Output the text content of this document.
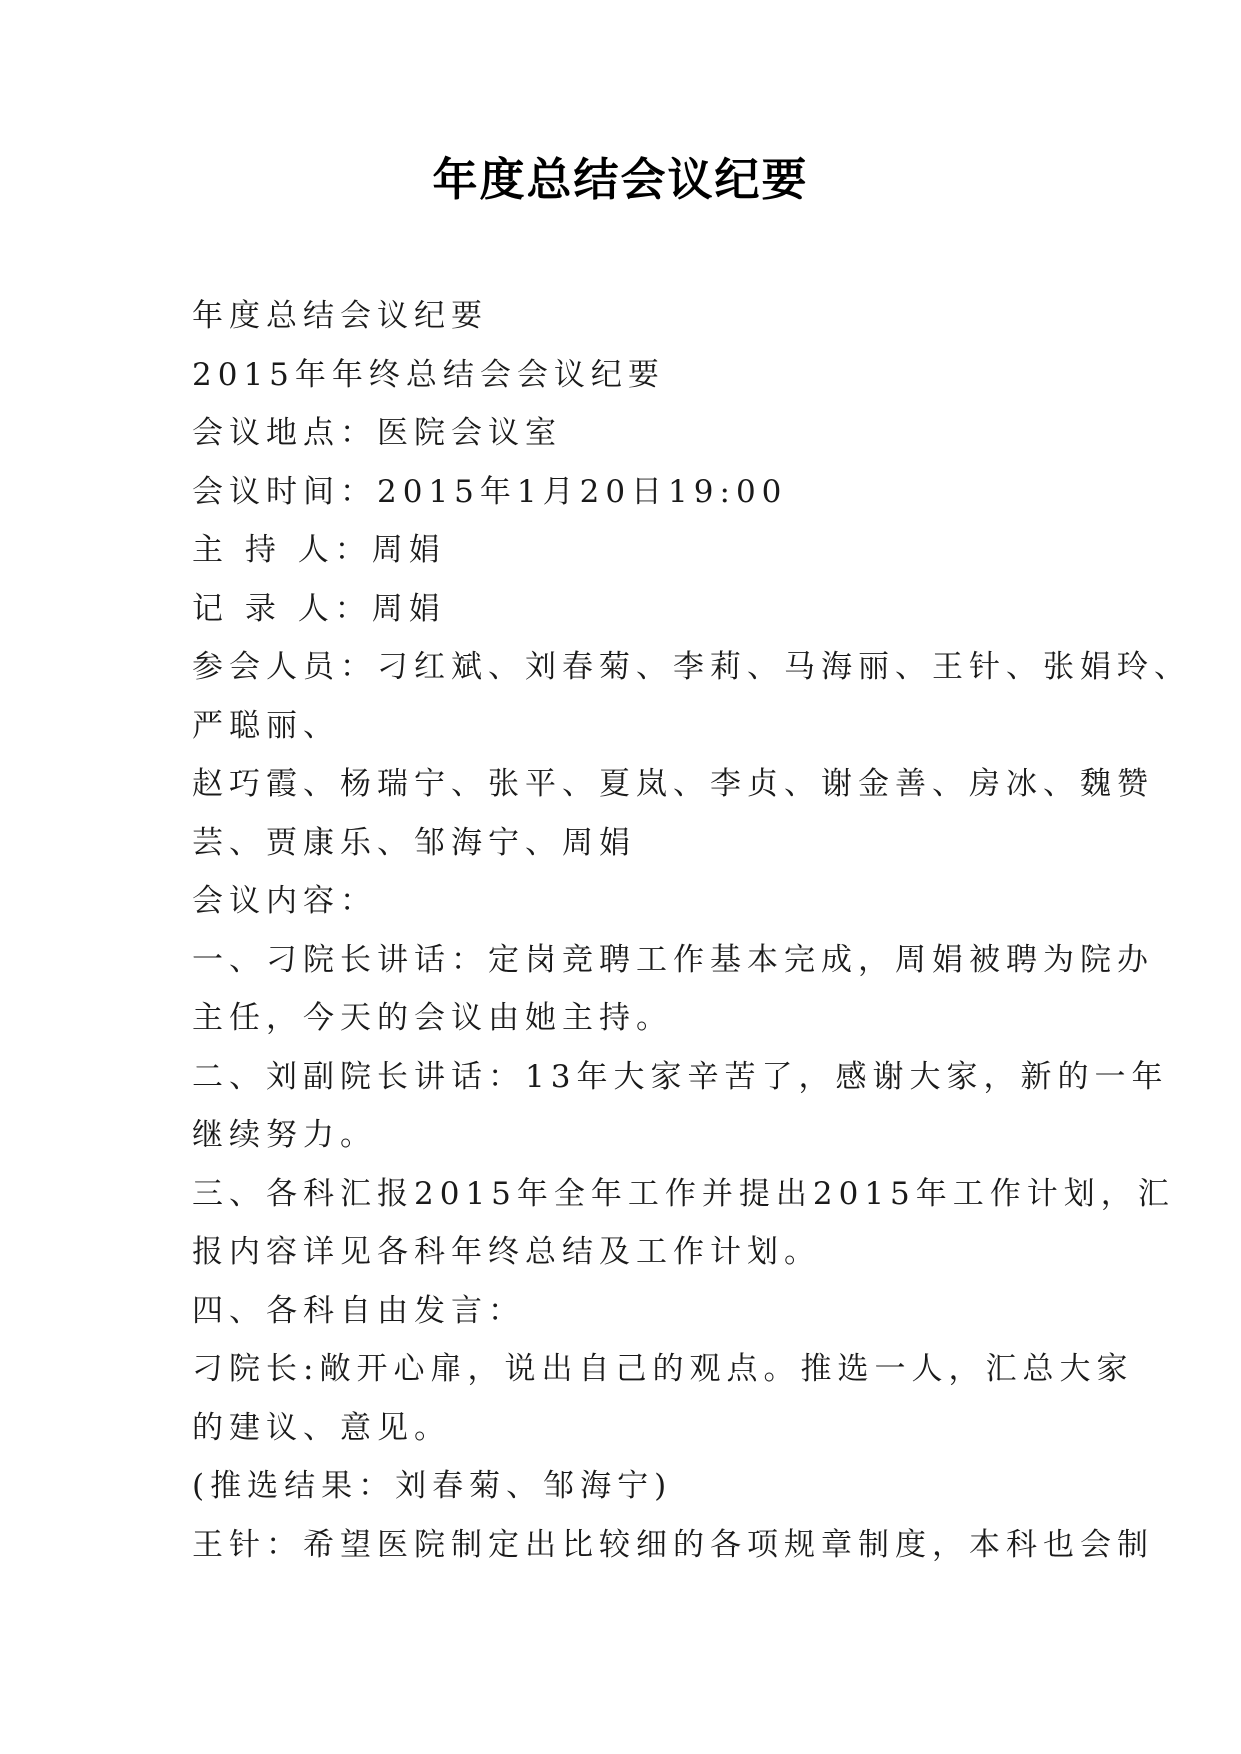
年度总结会议纪要
年度总结会议纪要
2015年年终总结会会议纪要
会议地点：医院会议室
会议时间：2015年1月20日19:00
主 持 人：周娟
记 录 人：周娟
参会人员：刁红斌、刘春菊、李莉、马海丽、王针、张娟玲、
严聪丽、
赵巧霞、杨瑞宁、张平、夏岚、李贞、谢金善、房冰、魏赞
芸、贾康乐、邹海宁、周娟
会议内容：
一、刁院长讲话：定岗竞聘工作基本完成，周娟被聘为院办
主任，今天的会议由她主持。
二、刘副院长讲话：13年大家辛苦了，感谢大家，新的一年
继续努力。
三、各科汇报2015年全年工作并提出2015年工作计划，汇
报内容详见各科年终总结及工作计划。
四、各科自由发言：
刁院长:敞开心扉，说出自己的观点。推选一人，汇总大家
的建议、意见。
(推选结果：刘春菊、邹海宁)
王针：希望医院制定出比较细的各项规章制度，本科也会制
